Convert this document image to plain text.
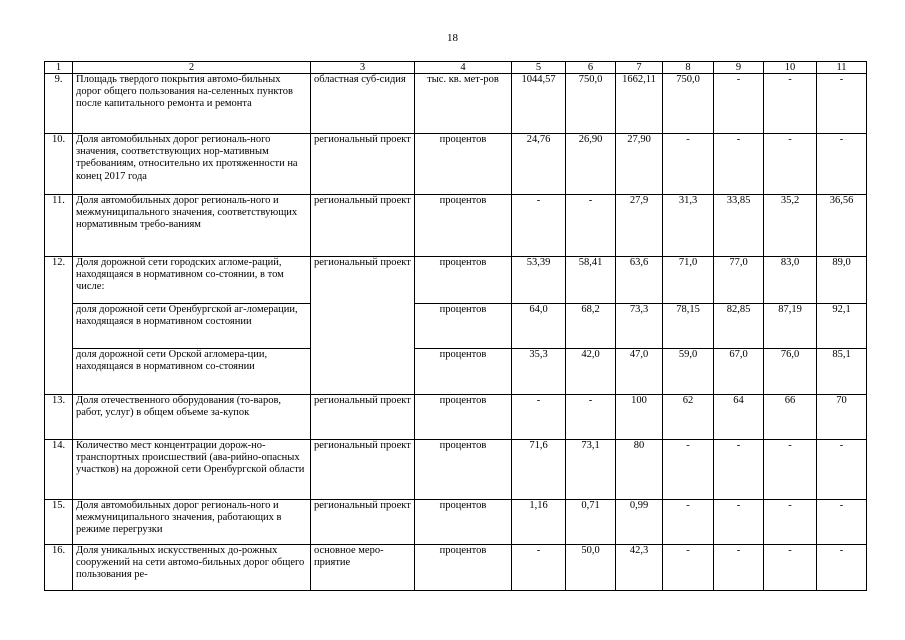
18
1	2	3	4	5	6	7	8	9	10	11
9.	Площадь твердого покрытия автомо-бильных дорог общего пользования на-селенных пунктов после капитального ремонта и ремонта	областная суб-сидия	тыс. кв. мет-ров	1044,57	750,0	1662,11	750,0	-	-	-
10.	Доля автомобильных дорог региональ-ного значения, соответствующих нор-мативным требованиям, относительно их протяженности на конец 2017 года	региональный проект	процентов	24,76	26,90	27,90	-	-	-	-
11.	Доля автомобильных дорог региональ-ного и межмуниципального значения, соответствующих нормативным требо-ваниям	региональный проект	процентов	-	-	27,9	31,3	33,85	35,2	36,56
12.	Доля дорожной сети городских агломе-раций, находящаяся в нормативном со-стоянии, в том числе:	региональный проект	процентов	53,39	58,41	63,6	71,0	77,0	83,0	89,0
	доля дорожной сети Оренбургской аг-ломерации, находящаяся в нормативном состоянии		процентов	64,0	68,2	73,3	78,15	82,85	87,19	92,1
	доля дорожной сети Орской агломера-ции, находящаяся в нормативном со-стоянии		процентов	35,3	42,0	47,0	59,0	67,0	76,0	85,1
13.	Доля отечественного оборудования (то-варов, работ, услуг) в общем объеме за-купок	региональный проект	процентов	-	-	100	62	64	66	70
14.	Количество мест концентрации дорож-но-транспортных происшествий (ава-рийно-опасных участков) на дорожной сети Оренбургской области	региональный проект	процентов	71,6	73,1	80	-	-	-	-
15.	Доля автомобильных дорог региональ-ного и межмуниципального значения, работающих в режиме перегрузки	региональный проект	процентов	1,16	0,71	0,99	-	-	-	-
16.	Доля уникальных искусственных до-рожных сооружений на сети автомо-бильных дорог общего пользования ре-	основное меро-приятие	процентов	-	50,0	42,3	-	-	-	-
